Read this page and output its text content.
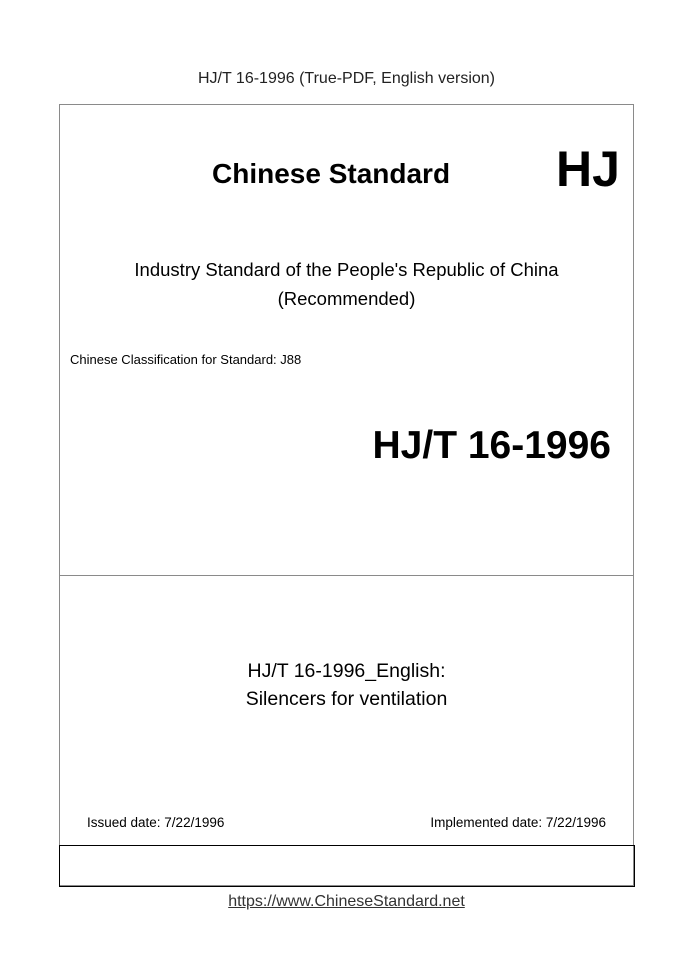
HJ/T 16-1996 (True-PDF, English version)
Chinese Standard HJ
Industry Standard of the People's Republic of China
(Recommended)
Chinese Classification for Standard: J88
HJ/T 16-1996
HJ/T 16-1996_English:
Silencers for ventilation
Issued date: 7/22/1996	Implemented date: 7/22/1996
https://www.ChineseStandard.net
